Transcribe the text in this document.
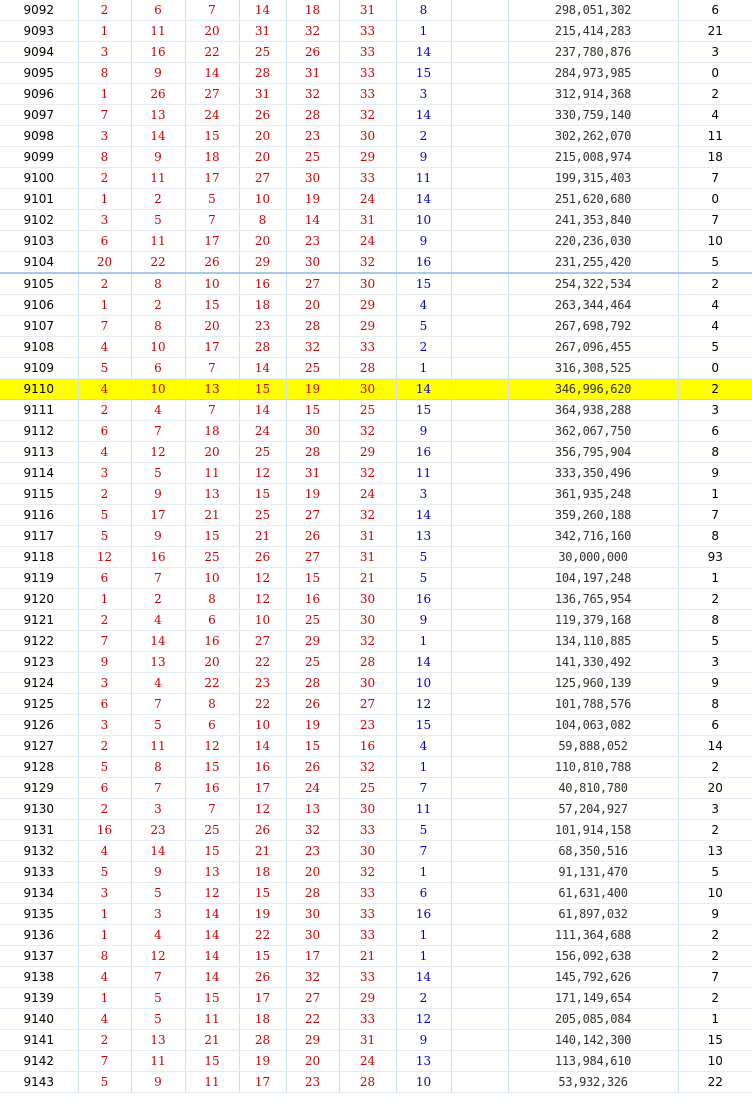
9092	2	6	7	14	18	31	8		298,051,302	6
9093	1	11	20	31	32	33	1		215,414,283	21
9094	3	16	22	25	26	33	14		237,780,876	3
9095	8	9	14	28	31	33	15		284,973,985	0
9096	1	26	27	31	32	33	3		312,914,368	2
9097	7	13	24	26	28	32	14		330,759,140	4
9098	3	14	15	20	23	30	2		302,262,070	11
9099	8	9	18	20	25	29	9		215,008,974	18
9100	2	11	17	27	30	33	11		199,315,403	7
9101	1	2	5	10	19	24	14		251,620,680	0
9102	3	5	7	8	14	31	10		241,353,840	7
9103	6	11	17	20	23	24	9		220,236,030	10
9104	20	22	26	29	30	32	16		231,255,420	5
9105	2	8	10	16	27	30	15		254,322,534	2
9106	1	2	15	18	20	29	4		263,344,464	4
9107	7	8	20	23	28	29	5		267,698,792	4
9108	4	10	17	28	32	33	2		267,096,455	5
9109	5	6	7	14	25	28	1		316,308,525	0
9110	4	10	13	15	19	30	14		346,996,620	2
9111	2	4	7	14	15	25	15		364,938,288	3
9112	6	7	18	24	30	32	9		362,067,750	6
9113	4	12	20	25	28	29	16		356,795,904	8
9114	3	5	11	12	31	32	11		333,350,496	9
9115	2	9	13	15	19	24	3		361,935,248	1
9116	5	17	21	25	27	32	14		359,260,188	7
9117	5	9	15	21	26	31	13		342,716,160	8
9118	12	16	25	26	27	31	5		30,000,000	93
9119	6	7	10	12	15	21	5		104,197,248	1
9120	1	2	8	12	16	30	16		136,765,954	2
9121	2	4	6	10	25	30	9		119,379,168	8
9122	7	14	16	27	29	32	1		134,110,885	5
9123	9	13	20	22	25	28	14		141,330,492	3
9124	3	4	22	23	28	30	10		125,960,139	9
9125	6	7	8	22	26	27	12		101,788,576	8
9126	3	5	6	10	19	23	15		104,063,082	6
9127	2	11	12	14	15	16	4		59,888,052	14
9128	5	8	15	16	26	32	1		110,810,788	2
9129	6	7	16	17	24	25	7		40,810,780	20
9130	2	3	7	12	13	30	11		57,204,927	3
9131	16	23	25	26	32	33	5		101,914,158	2
9132	4	14	15	21	23	30	7		68,350,516	13
9133	5	9	13	18	20	32	1		91,131,470	5
9134	3	5	12	15	28	33	6		61,631,400	10
9135	1	3	14	19	30	33	16		61,897,032	9
9136	1	4	14	22	30	33	1		111,364,688	2
9137	8	12	14	15	17	21	1		156,092,638	2
9138	4	7	14	26	32	33	14		145,792,626	7
9139	1	5	15	17	27	29	2		171,149,654	2
9140	4	5	11	18	22	33	12		205,085,084	1
9141	2	13	21	28	29	31	9		140,142,300	15
9142	7	11	15	19	20	24	13		113,984,610	10
9143	5	9	11	17	23	28	10		53,932,326	22
